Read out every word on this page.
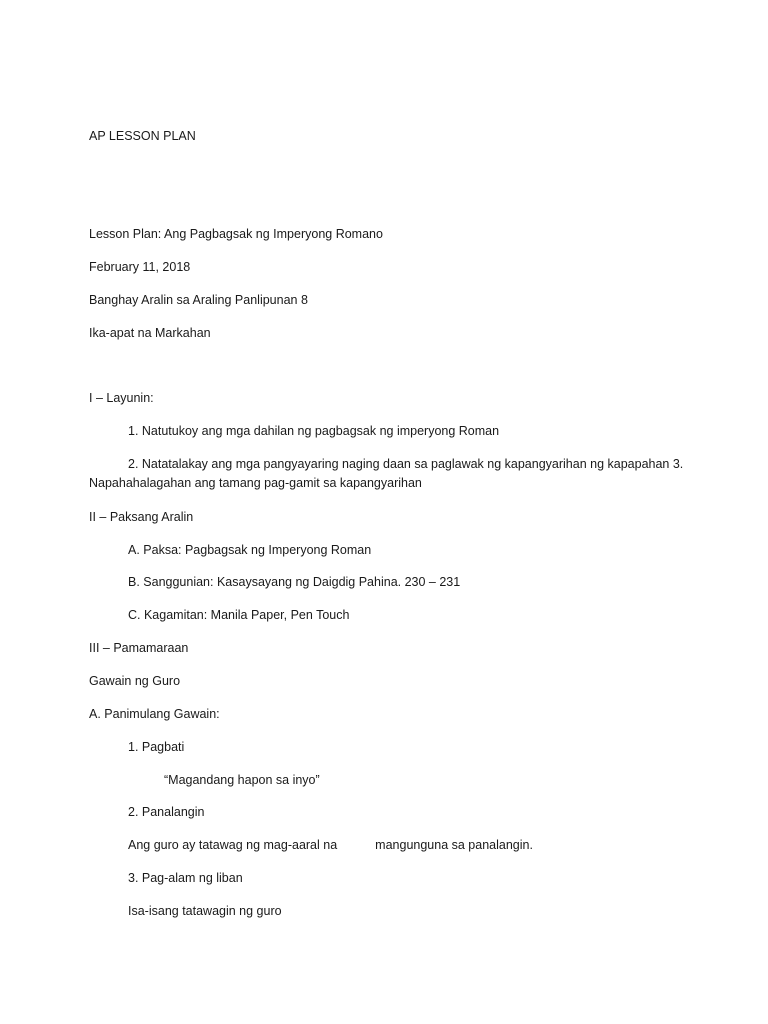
AP LESSON PLAN
Lesson Plan: Ang Pagbagsak ng Imperyong Romano
February 11, 2018
Banghay Aralin sa Araling Panlipunan 8
Ika-apat na Markahan
I – Layunin:
1. Natutukoy ang mga dahilan ng pagbagsak ng imperyong Roman
2. Natatalakay ang mga pangyayaring naging daan sa paglawak ng kapangyarihan ng kapapahan 3.
Napahahalagahan ang tamang pag-gamit sa kapangyarihan
II – Paksang Aralin
A. Paksa: Pagbagsak ng Imperyong Roman
B. Sanggunian: Kasaysayang ng Daigdig Pahina. 230 – 231
C. Kagamitan: Manila Paper, Pen Touch
III – Pamamaraan
Gawain ng Guro
A. Panimulang Gawain:
1. Pagbati
“Magandang hapon sa inyo”
2. Panalangin
Ang guro ay tatawag ng mag-aaral na	mangunguna sa panalangin.
3. Pag-alam ng liban
Isa-isang tatawagin ng guro
